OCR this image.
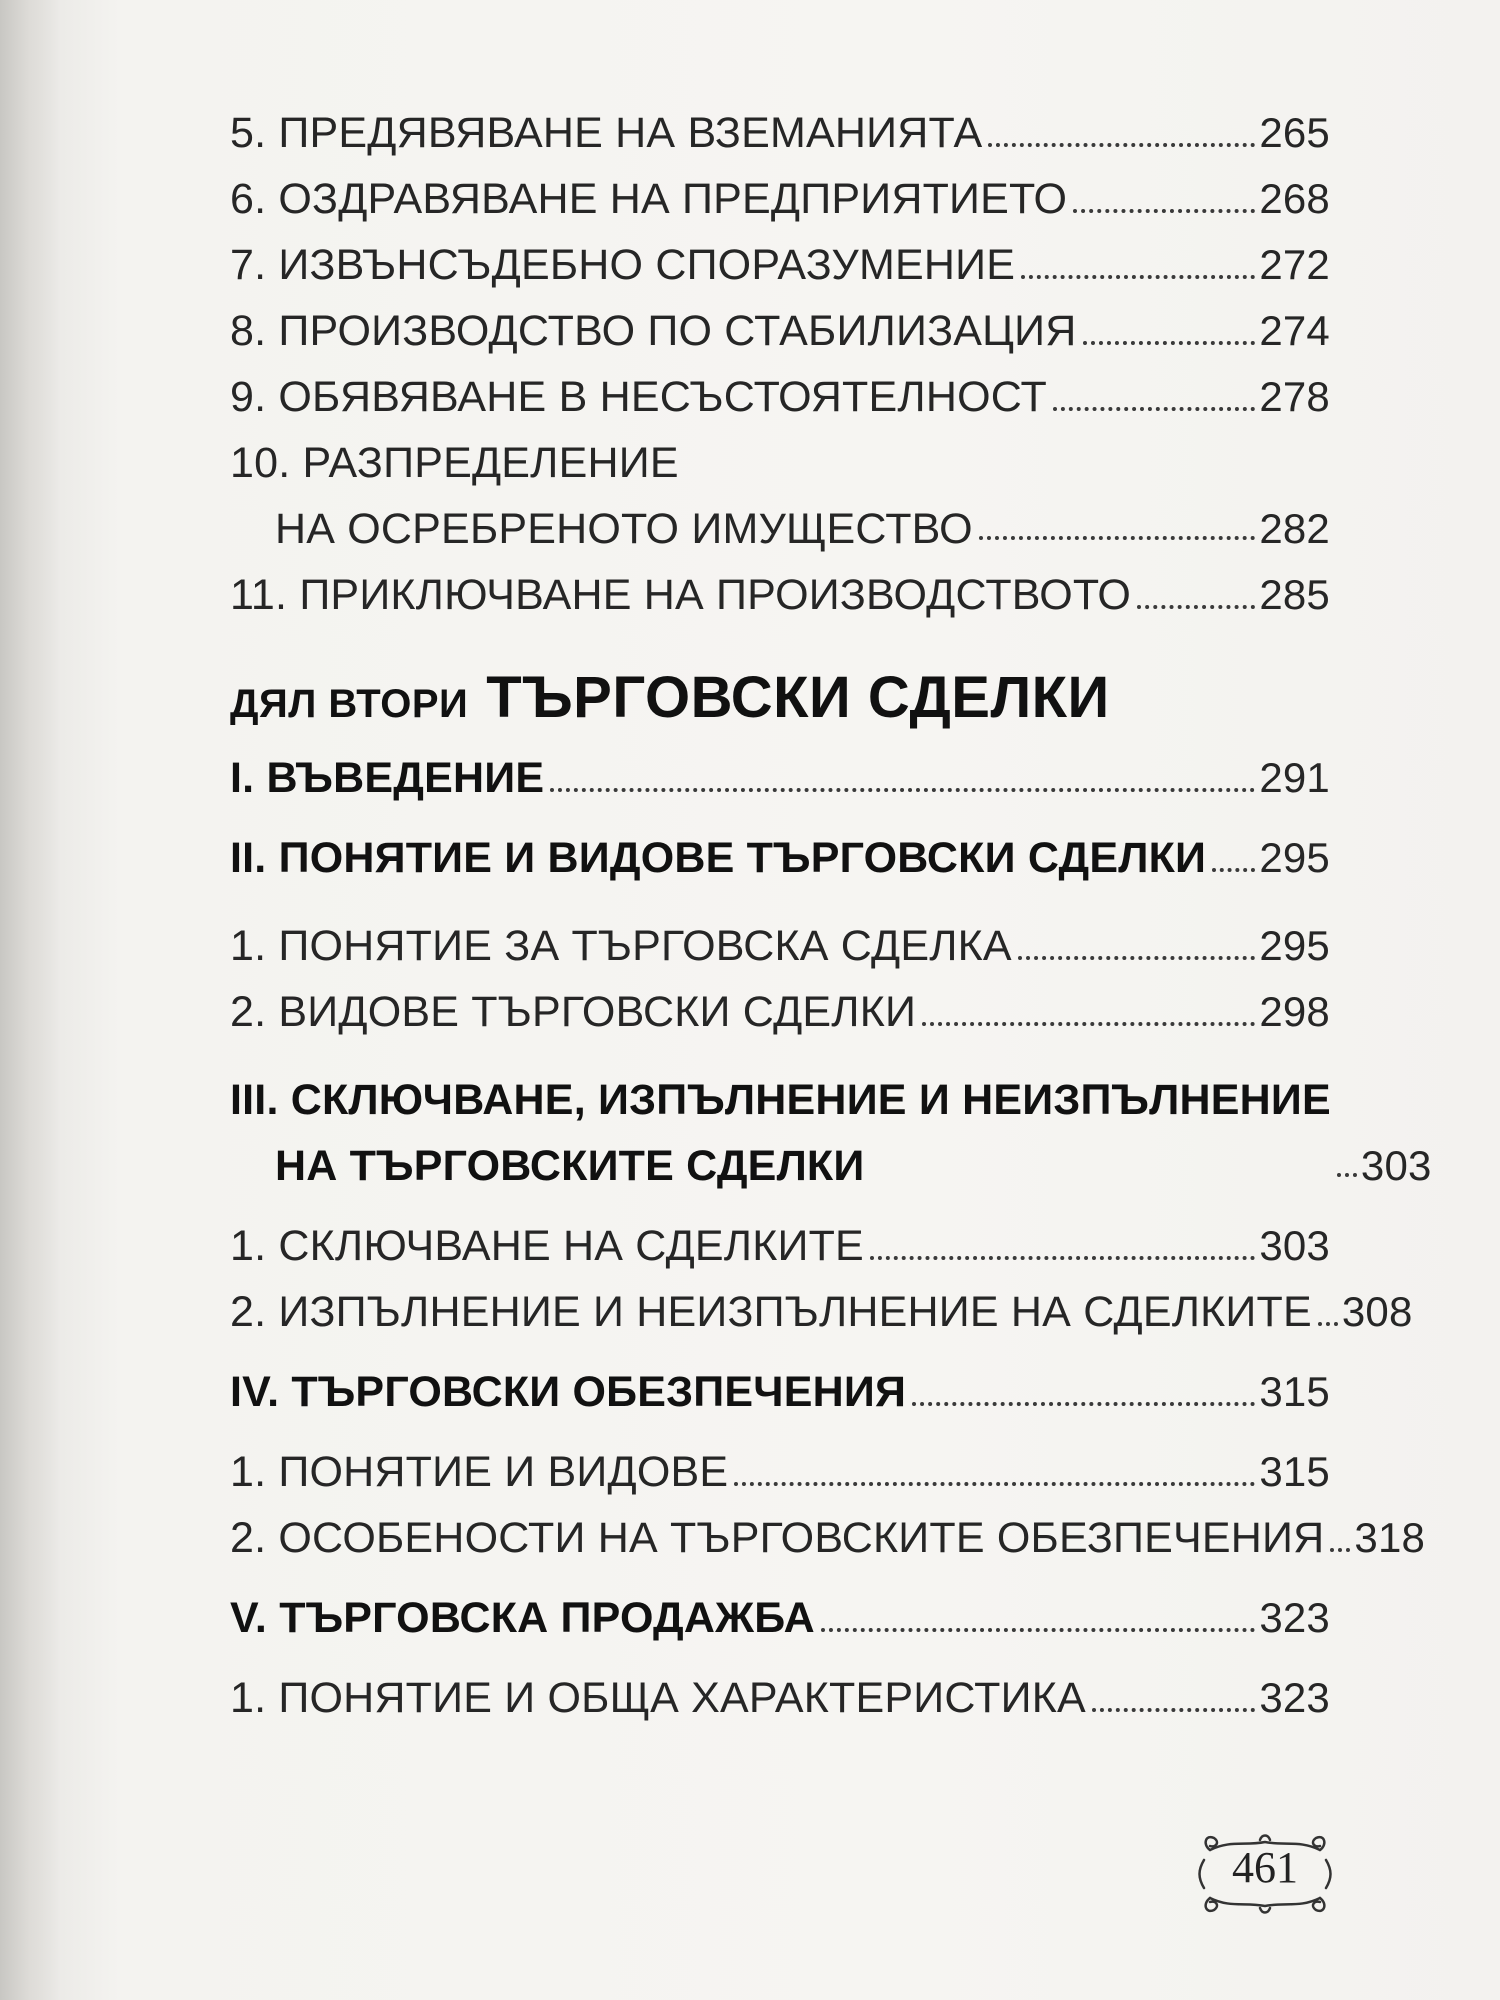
5. ПРЕДЯВЯВАНЕ НА ВЗЕМАНИЯТА	265
6. ОЗДРАВЯВАНЕ НА ПРЕДПРИЯТИЕТО	268
7. ИЗВЪНСЪДЕБНО СПОРАЗУМЕНИЕ	272
8. ПРОИЗВОДСТВО ПО СТАБИЛИЗАЦИЯ	274
9. ОБЯВЯВАНЕ В НЕСЪСТОЯТЕЛНОСТ	278
10. РАЗПРЕДЕЛЕНИЕ
НА ОСРЕБРЕНОТО ИМУЩЕСТВО	282
11. ПРИКЛЮЧВАНЕ НА ПРОИЗВОДСТВОТО	285
ДЯЛ ВТОРИ ТЪРГОВСКИ СДЕЛКИ
I. ВЪВЕДЕНИЕ	291
II. ПОНЯТИЕ И ВИДОВЕ ТЪРГОВСКИ СДЕЛКИ 295
1. ПОНЯТИЕ ЗА ТЪРГОВСКА СДЕЛКА	295
2. ВИДОВЕ ТЪРГОВСКИ СДЕЛКИ	298
III. СКЛЮЧВАНЕ, ИЗПЪЛНЕНИЕ И НЕИЗПЪЛНЕНИЕ
НА ТЪРГОВСКИТЕ СДЕЛКИ	303
1. СКЛЮЧВАНЕ НА СДЕЛКИТЕ	303
2. ИЗПЪЛНЕНИЕ И НЕИЗПЪЛНЕНИЕ НА СДЕЛКИТЕ 308
IV. ТЪРГОВСКИ ОБЕЗПЕЧЕНИЯ	315
1. ПОНЯТИЕ И ВИДОВЕ	315
2. ОСОБЕНОСТИ НА ТЪРГОВСКИТЕ ОБЕЗПЕЧЕНИЯ 318
V. ТЪРГОВСКА ПРОДАЖБА	323
1. ПОНЯТИЕ И ОБЩА ХАРАКТЕРИСТИКА	323
461
